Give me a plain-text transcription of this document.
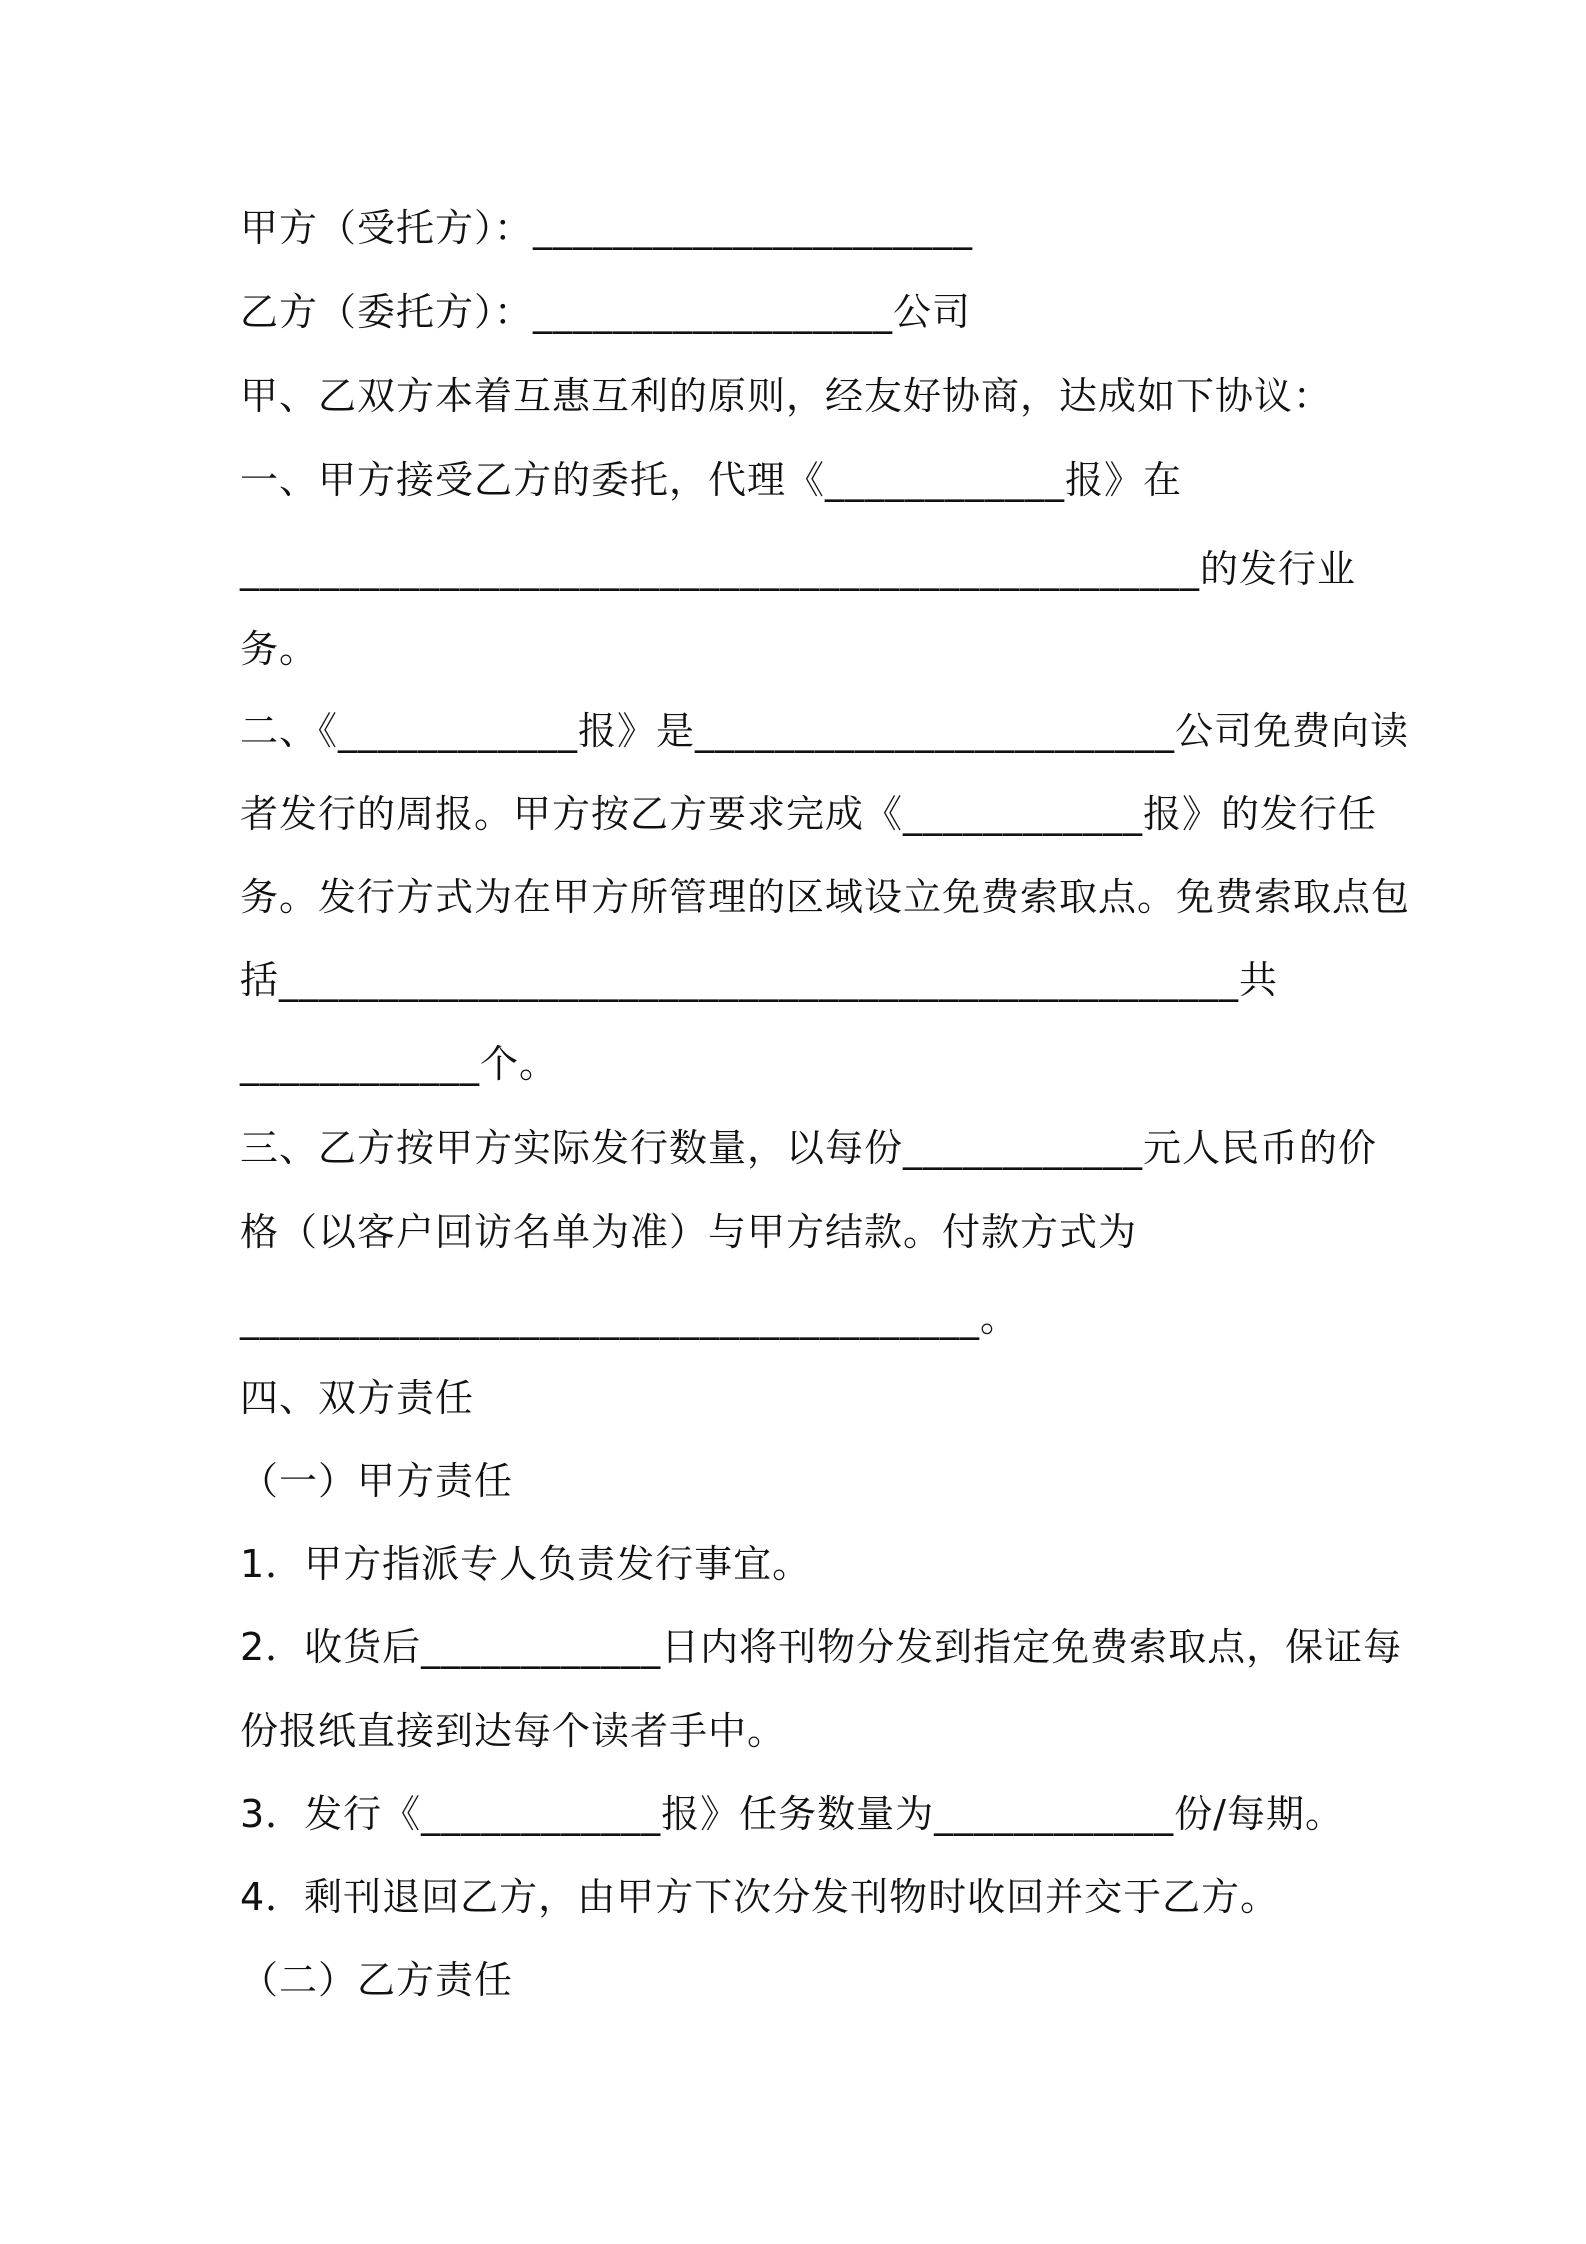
甲方（受托方）：______________________
乙方（委托方）：__________________公司
甲、乙双方本着互惠互利的原则，经友好协商，达成如下协议：
一、甲方接受乙方的委托，代理《____________报》在
________________________________________________的发行业
务。
二、《____________报》是________________________公司免费向读
者发行的周报。甲方按乙方要求完成《____________报》的发行任
务。发行方式为在甲方所管理的区域设立免费索取点。免费索取点包
括________________________________________________共
____________个。
三、乙方按甲方实际发行数量，以每份____________元人民币的价
格（以客户回访名单为准）与甲方结款。付款方式为
_____________________________________。
四、双方责任
（一）甲方责任
1．甲方指派专人负责发行事宜。
2．收货后____________日内将刊物分发到指定免费索取点，保证每
份报纸直接到达每个读者手中。
3．发行《____________报》任务数量为____________份/每期。
4．剩刊退回乙方，由甲方下次分发刊物时收回并交于乙方。
（二）乙方责任
